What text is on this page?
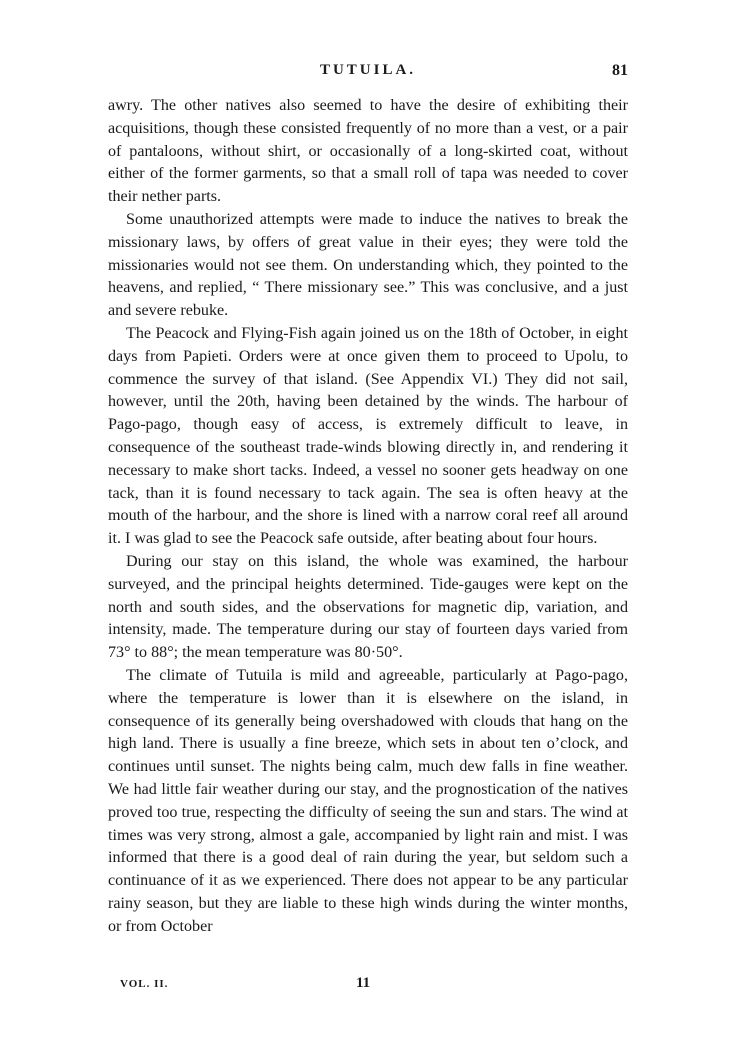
TUTUILA.	81

awry. The other natives also seemed to have the desire of exhibiting their acquisitions, though these consisted frequently of no more than a vest, or a pair of pantaloons, without shirt, or occasionally of a long-skirted coat, without either of the former garments, so that a small roll of tapa was needed to cover their nether parts.

Some unauthorized attempts were made to induce the natives to break the missionary laws, by offers of great value in their eyes; they were told the missionaries would not see them. On understanding which, they pointed to the heavens, and replied, “ There missionary see.” This was conclusive, and a just and severe rebuke.

The Peacock and Flying-Fish again joined us on the 18th of October, in eight days from Papieti. Orders were at once given them to proceed to Upolu, to commence the survey of that island. (See Appendix VI.) They did not sail, however, until the 20th, having been detained by the winds. The harbour of Pago-pago, though easy of access, is extremely difficult to leave, in consequence of the southeast trade-winds blowing directly in, and rendering it necessary to make short tacks. Indeed, a vessel no sooner gets headway on one tack, than it is found necessary to tack again. The sea is often heavy at the mouth of the harbour, and the shore is lined with a narrow coral reef all around it. I was glad to see the Peacock safe outside, after beating about four hours.

During our stay on this island, the whole was examined, the harbour surveyed, and the principal heights determined. Tide-gauges were kept on the north and south sides, and the observations for magnetic dip, variation, and intensity, made. The temperature during our stay of fourteen days varied from 73° to 88°; the mean temperature was 80·50°.

The climate of Tutuila is mild and agreeable, particularly at Pago-pago, where the temperature is lower than it is elsewhere on the island, in consequence of its generally being overshadowed with clouds that hang on the high land. There is usually a fine breeze, which sets in about ten o’clock, and continues until sunset. The nights being calm, much dew falls in fine weather. We had little fair weather during our stay, and the prognostication of the natives proved too true, respecting the difficulty of seeing the sun and stars. The wind at times was very strong, almost a gale, accompanied by light rain and mist. I was informed that there is a good deal of rain during the year, but seldom such a continuance of it as we experienced. There does not appear to be any particular rainy season, but they are liable to these high winds during the winter months, or from October

VOL. II.	11
